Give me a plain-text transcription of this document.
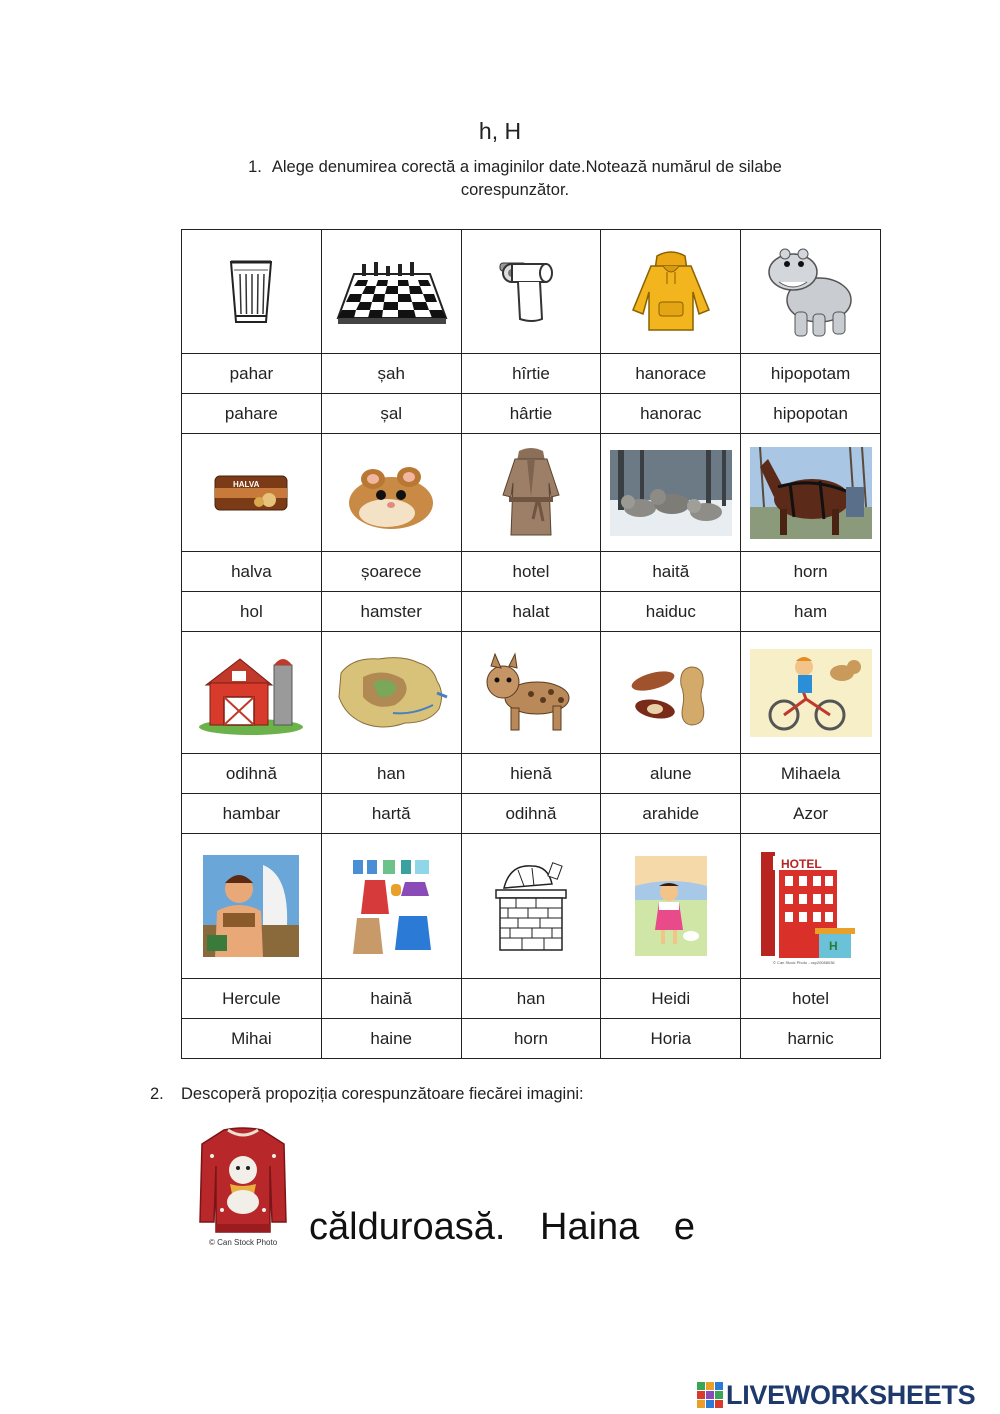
h, H
1. Alege denumirea corectă a imaginilor date.Notează numărul de silabe corespunzător.

pahar	șah	hîrtie	hanorace	hipopotam
pahare	șal	hârtie	hanorac	hipopotan

HALVA

halva	șoarece	hotel	haită	horn
hol	hamster	halat	haiduc	ham

odihnă	han	hienă	alune	Mihaela
hambar	hartă	odihnă	arahide	Azor

HOTEL
H
© Can Stock Photo - csp20088036

Hercule	haină	han	Heidi	hotel
Mihai	haine	horn	Horia	harnic
2. Descoperă propoziția corespunzătoare fiecărei imagini:
© Can Stock Photo călduroasă. Haina e
LIVEWORKSHEETS
